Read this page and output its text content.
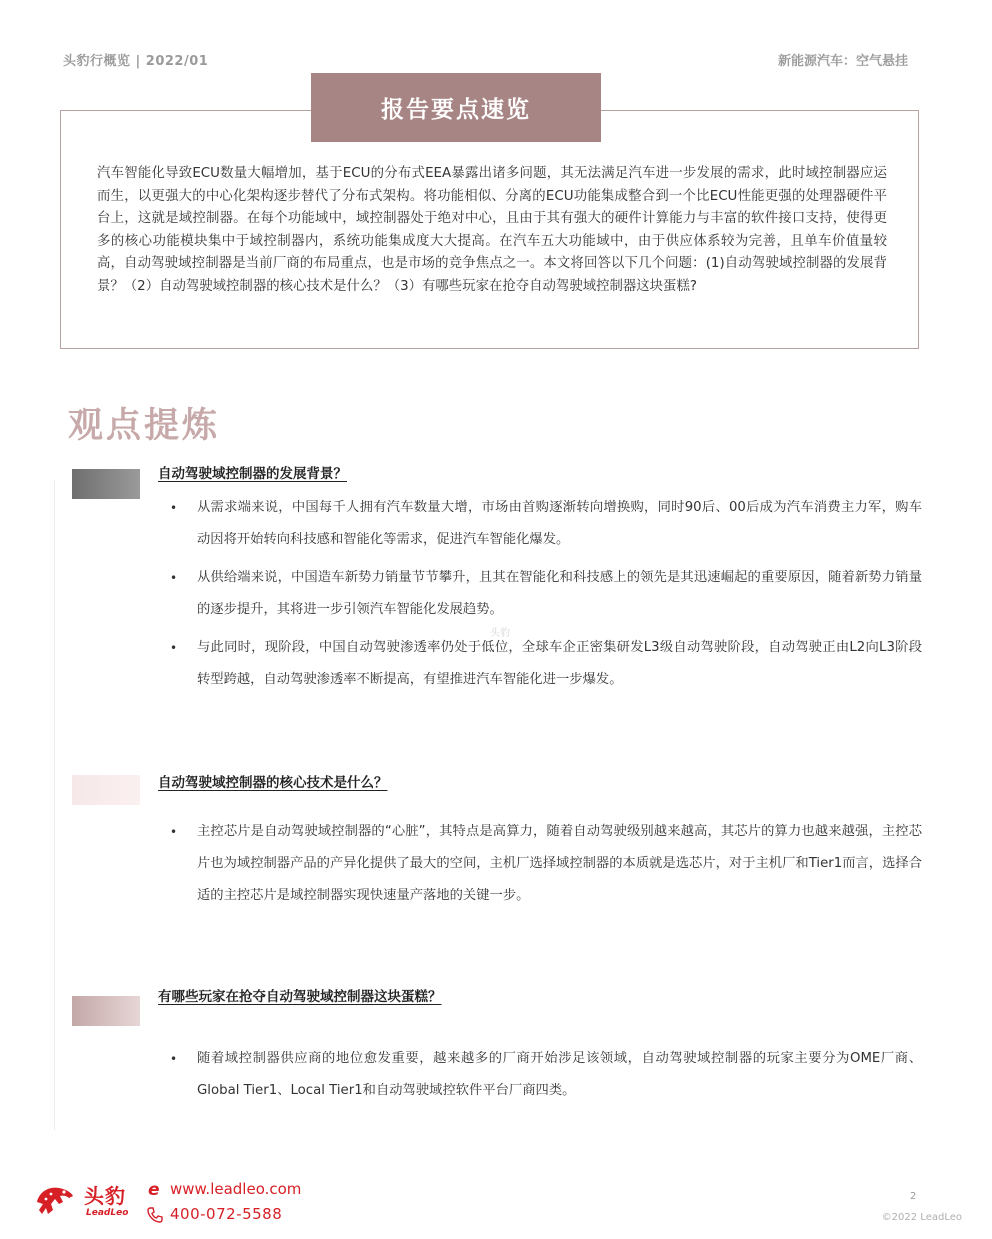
头豹行概览 | 2022/01	新能源汽车：空气悬挂
报告要点速览
汽车智能化导致ECU数量大幅增加，基于ECU的分布式EEA暴露出诸多问题，其无法满足汽车进一步发展的需求，此时域控制器应运而生，以更强大的中心化架构逐步替代了分布式架构。将功能相似、分离的ECU功能集成整合到一个比ECU性能更强的处理器硬件平台上，这就是域控制器。在每个功能域中，域控制器处于绝对中心，且由于其有强大的硬件计算能力与丰富的软件接口支持，使得更多的核心功能模块集中于域控制器内，系统功能集成度大大提高。在汽车五大功能域中，由于供应体系较为完善，且单车价值量较高，自动驾驶域控制器是当前厂商的布局重点，也是市场的竞争焦点之一。本文将回答以下几个问题：(1)自动驾驶域控制器的发展背景？（2）自动驾驶域控制器的核心技术是什么？（3）有哪些玩家在抢夺自动驾驶域控制器这块蛋糕?
观点提炼
自动驾驶域控制器的发展背景？
• 从需求端来说，中国每千人拥有汽车数量大增，市场由首购逐渐转向增换购，同时90后、00后成为汽车消费主力军，购车动因将开始转向科技感和智能化等需求，促进汽车智能化爆发。
• 从供给端来说，中国造车新势力销量节节攀升，且其在智能化和科技感上的领先是其迅速崛起的重要原因，随着新势力销量的逐步提升，其将进一步引领汽车智能化发展趋势。
• 与此同时，现阶段，中国自动驾驶渗透率仍处于低位，全球车企正密集研发L3级自动驾驶阶段，自动驾驶正由L2向L3阶段转型跨越，自动驾驶渗透率不断提高，有望推进汽车智能化进一步爆发。
头豹
自动驾驶域控制器的核心技术是什么？
• 主控芯片是自动驾驶域控制器的“心脏”，其特点是高算力，随着自动驾驶级别越来越高，其芯片的算力也越来越强，主控芯片也为域控制器产品的产异化提供了最大的空间，主机厂选择域控制器的本质就是选芯片，对于主机厂和Tier1而言，选择合适的主控芯片是域控制器实现快速量产落地的关键一步。
有哪些玩家在抢夺自动驾驶域控制器这块蛋糕？
• 随着域控制器供应商的地位愈发重要，越来越多的厂商开始涉足该领域，自动驾驶域控制器的玩家主要分为OME厂商、Global Tier1、Local Tier1和自动驾驶域控软件平台厂商四类。
头豹
LeadLeo
e www.leadleo.com
400-072-5588
2
©2022 LeadLeo
